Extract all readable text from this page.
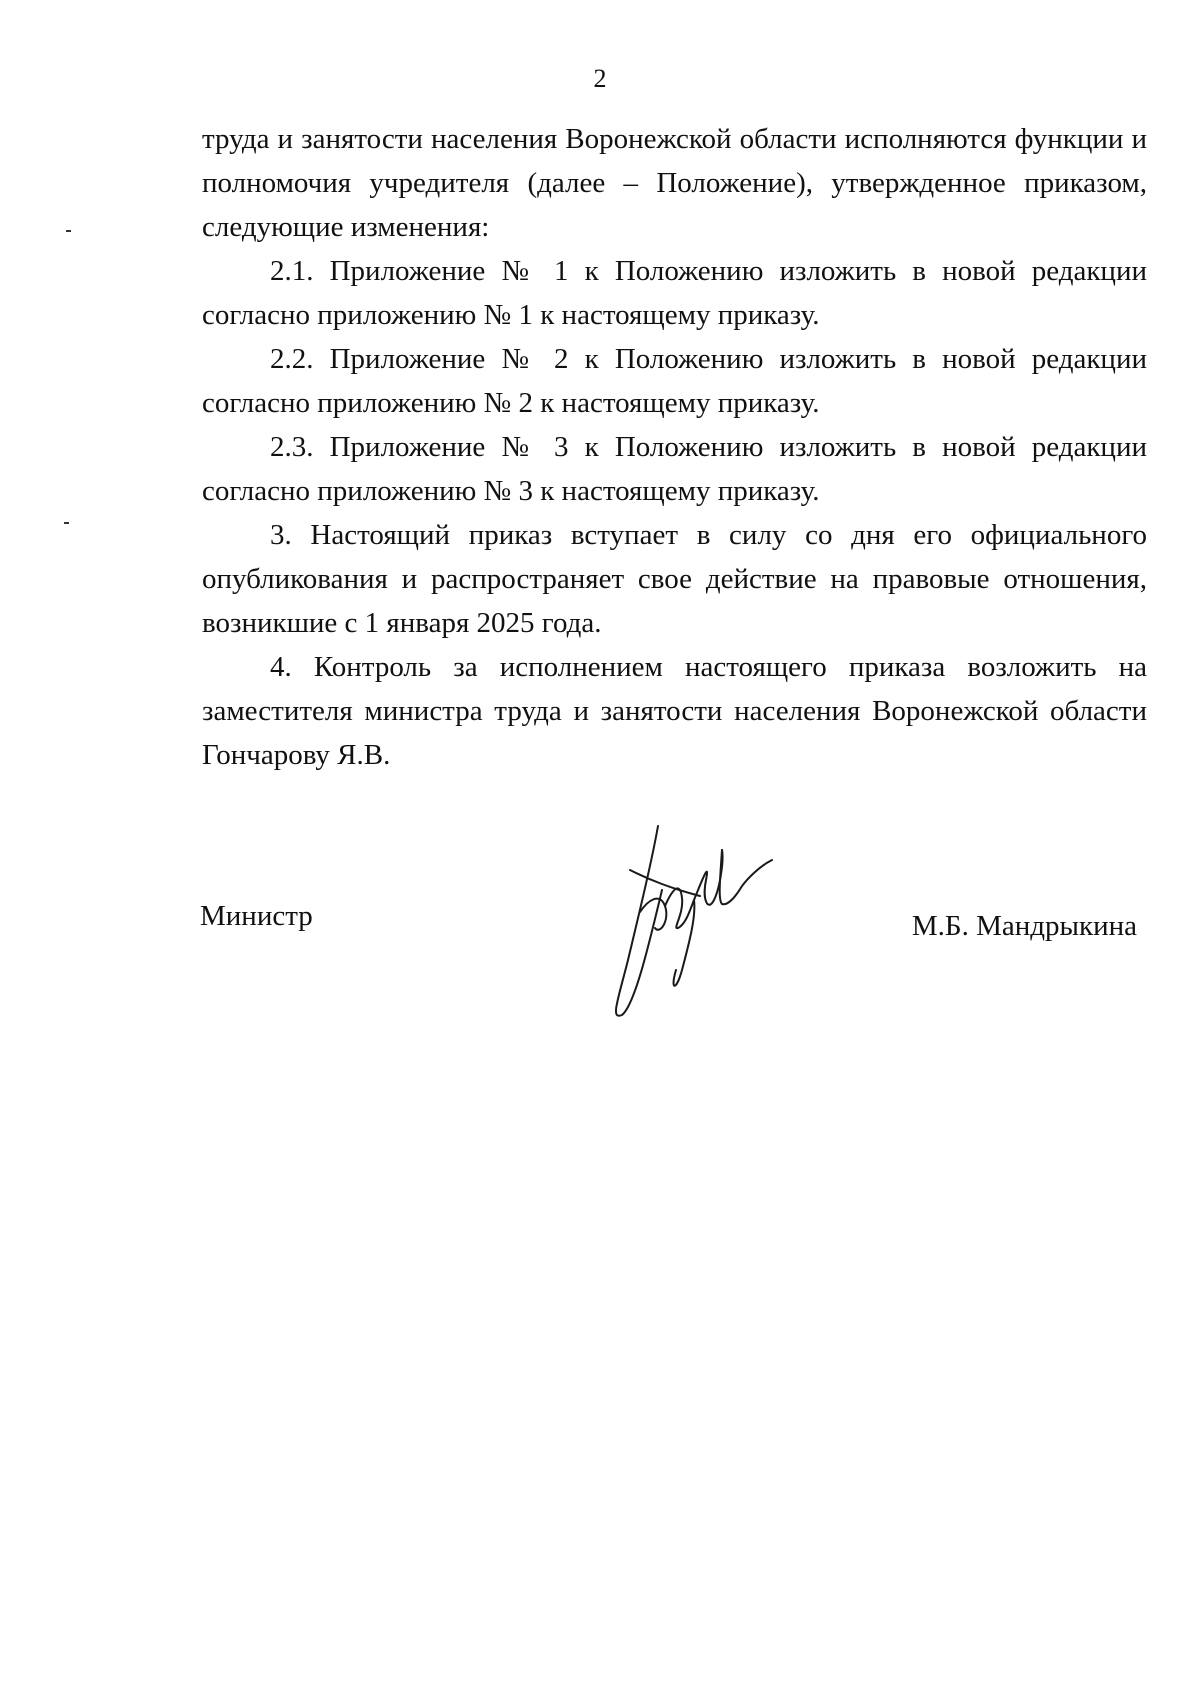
2

труда и занятости населения Воронежской области исполняются функции и полномочия учредителя (далее – Положение), утвержденное приказом, следующие изменения:

2.1. Приложение № 1 к Положению изложить в новой редакции согласно приложению № 1 к настоящему приказу.

2.2. Приложение № 2 к Положению изложить в новой редакции согласно приложению № 2 к настоящему приказу.

2.3. Приложение № 3 к Положению изложить в новой редакции согласно приложению № 3 к настоящему приказу.

3. Настоящий приказ вступает в силу со дня его официального опубликования и распространяет свое действие на правовые отношения, возникшие с 1 января 2025 года.

4. Контроль за исполнением настоящего приказа возложить на заместителя министра труда и занятости населения Воронежской области Гончарову Я.В.

Министр	М.Б. Мандрыкина
